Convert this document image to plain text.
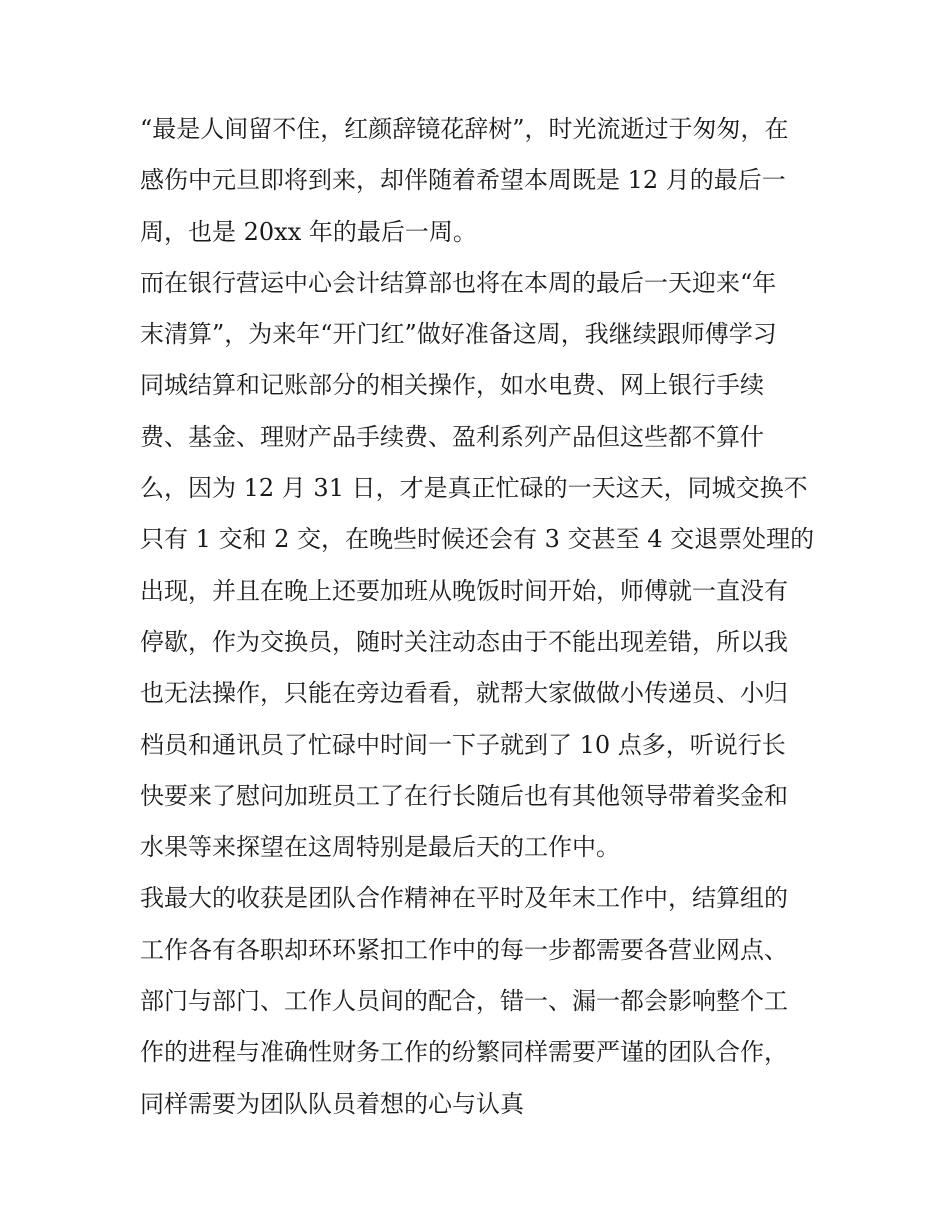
“最是人间留不住，红颜辞镜花辞树”，时光流逝过于匆匆，在
感伤中元旦即将到来，却伴随着希望本周既是 12 月的最后一
周，也是 20xx 年的最后一周。
而在银行营运中心会计结算部也将在本周的最后一天迎来“年
末清算”，为来年“开门红”做好准备这周，我继续跟师傅学习
同城结算和记账部分的相关操作，如水电费、网上银行手续
费、基金、理财产品手续费、盈利系列产品但这些都不算什
么，因为 12 月 31 日，才是真正忙碌的一天这天，同城交换不
只有 1 交和 2 交，在晚些时候还会有 3 交甚至 4 交退票处理的
出现，并且在晚上还要加班从晚饭时间开始，师傅就一直没有
停歇，作为交换员，随时关注动态由于不能出现差错，所以我
也无法操作，只能在旁边看看，就帮大家做做小传递员、小归
档员和通讯员了忙碌中时间一下子就到了 10 点多，听说行长
快要来了慰问加班员工了在行长随后也有其他领导带着奖金和
水果等来探望在这周特别是最后天的工作中。
我最大的收获是团队合作精神在平时及年末工作中，结算组的
工作各有各职却环环紧扣工作中的每一步都需要各营业网点、
部门与部门、工作人员间的配合，错一、漏一都会影响整个工
作的进程与准确性财务工作的纷繁同样需要严谨的团队合作，
同样需要为团队队员着想的心与认真
